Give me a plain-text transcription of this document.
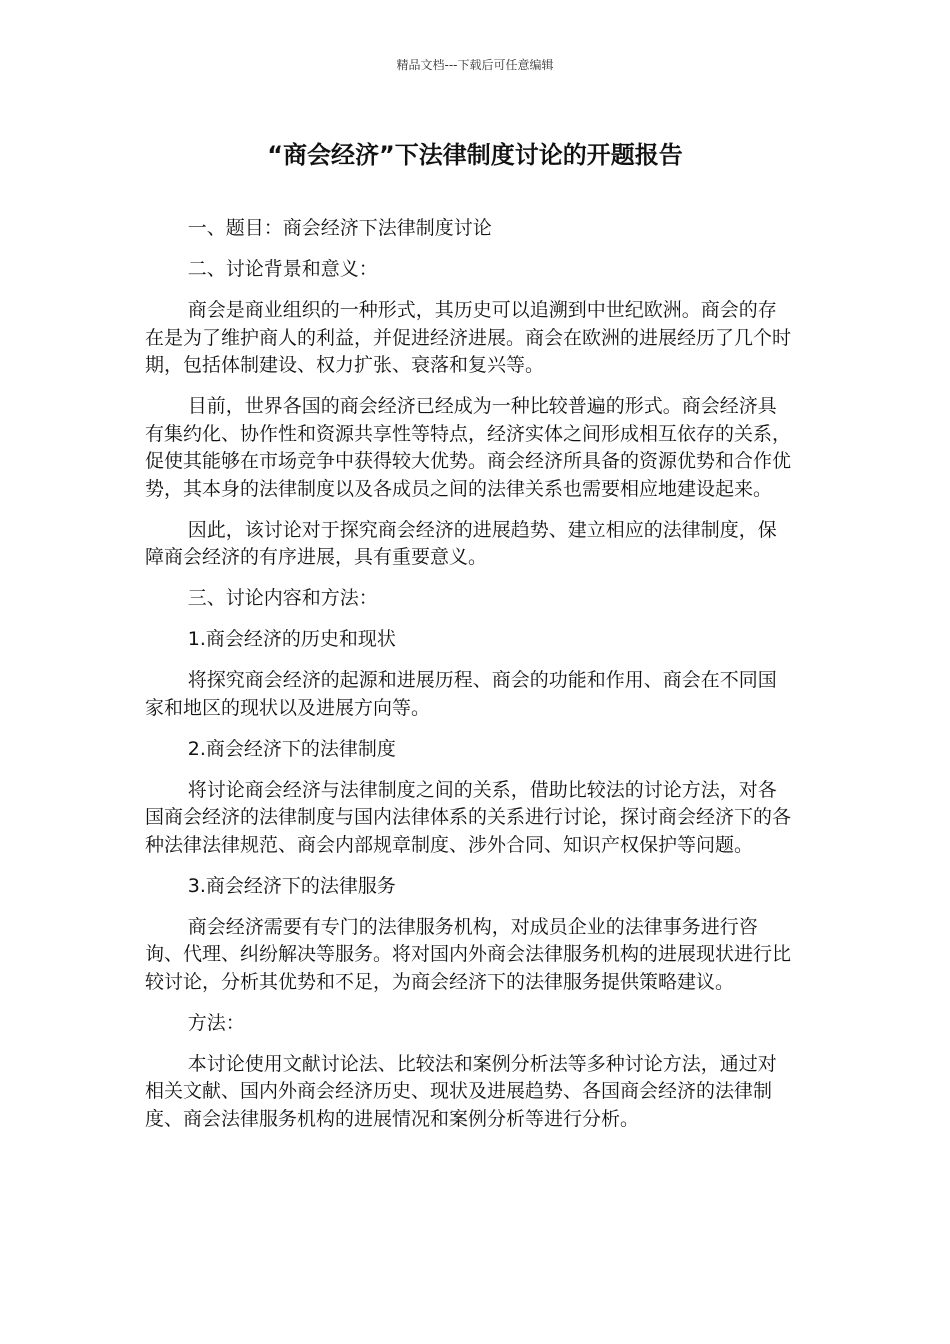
精品文档---下载后可任意编辑
“商会经济”下法律制度讨论的开题报告

一、题目：商会经济下法律制度讨论

二、讨论背景和意义：

商会是商业组织的一种形式，其历史可以追溯到中世纪欧洲。商会的存在是为了维护商人的利益，并促进经济进展。商会在欧洲的进展经历了几个时期，包括体制建设、权力扩张、衰落和复兴等。

目前，世界各国的商会经济已经成为一种比较普遍的形式。商会经济具有集约化、协作性和资源共享性等特点，经济实体之间形成相互依存的关系，促使其能够在市场竞争中获得较大优势。商会经济所具备的资源优势和合作优势，其本身的法律制度以及各成员之间的法律关系也需要相应地建设起来。

因此，该讨论对于探究商会经济的进展趋势、建立相应的法律制度，保障商会经济的有序进展，具有重要意义。

三、讨论内容和方法：

1.商会经济的历史和现状

将探究商会经济的起源和进展历程、商会的功能和作用、商会在不同国家和地区的现状以及进展方向等。

2.商会经济下的法律制度

将讨论商会经济与法律制度之间的关系，借助比较法的讨论方法，对各国商会经济的法律制度与国内法律体系的关系进行讨论，探讨商会经济下的各种法律法律规范、商会内部规章制度、涉外合同、知识产权保护等问题。

3.商会经济下的法律服务

商会经济需要有专门的法律服务机构，对成员企业的法律事务进行咨询、代理、纠纷解决等服务。将对国内外商会法律服务机构的进展现状进行比较讨论，分析其优势和不足，为商会经济下的法律服务提供策略建议。

方法：

本讨论使用文献讨论法、比较法和案例分析法等多种讨论方法，通过对相关文献、国内外商会经济历史、现状及进展趋势、各国商会经济的法律制度、商会法律服务机构的进展情况和案例分析等进行分析。
